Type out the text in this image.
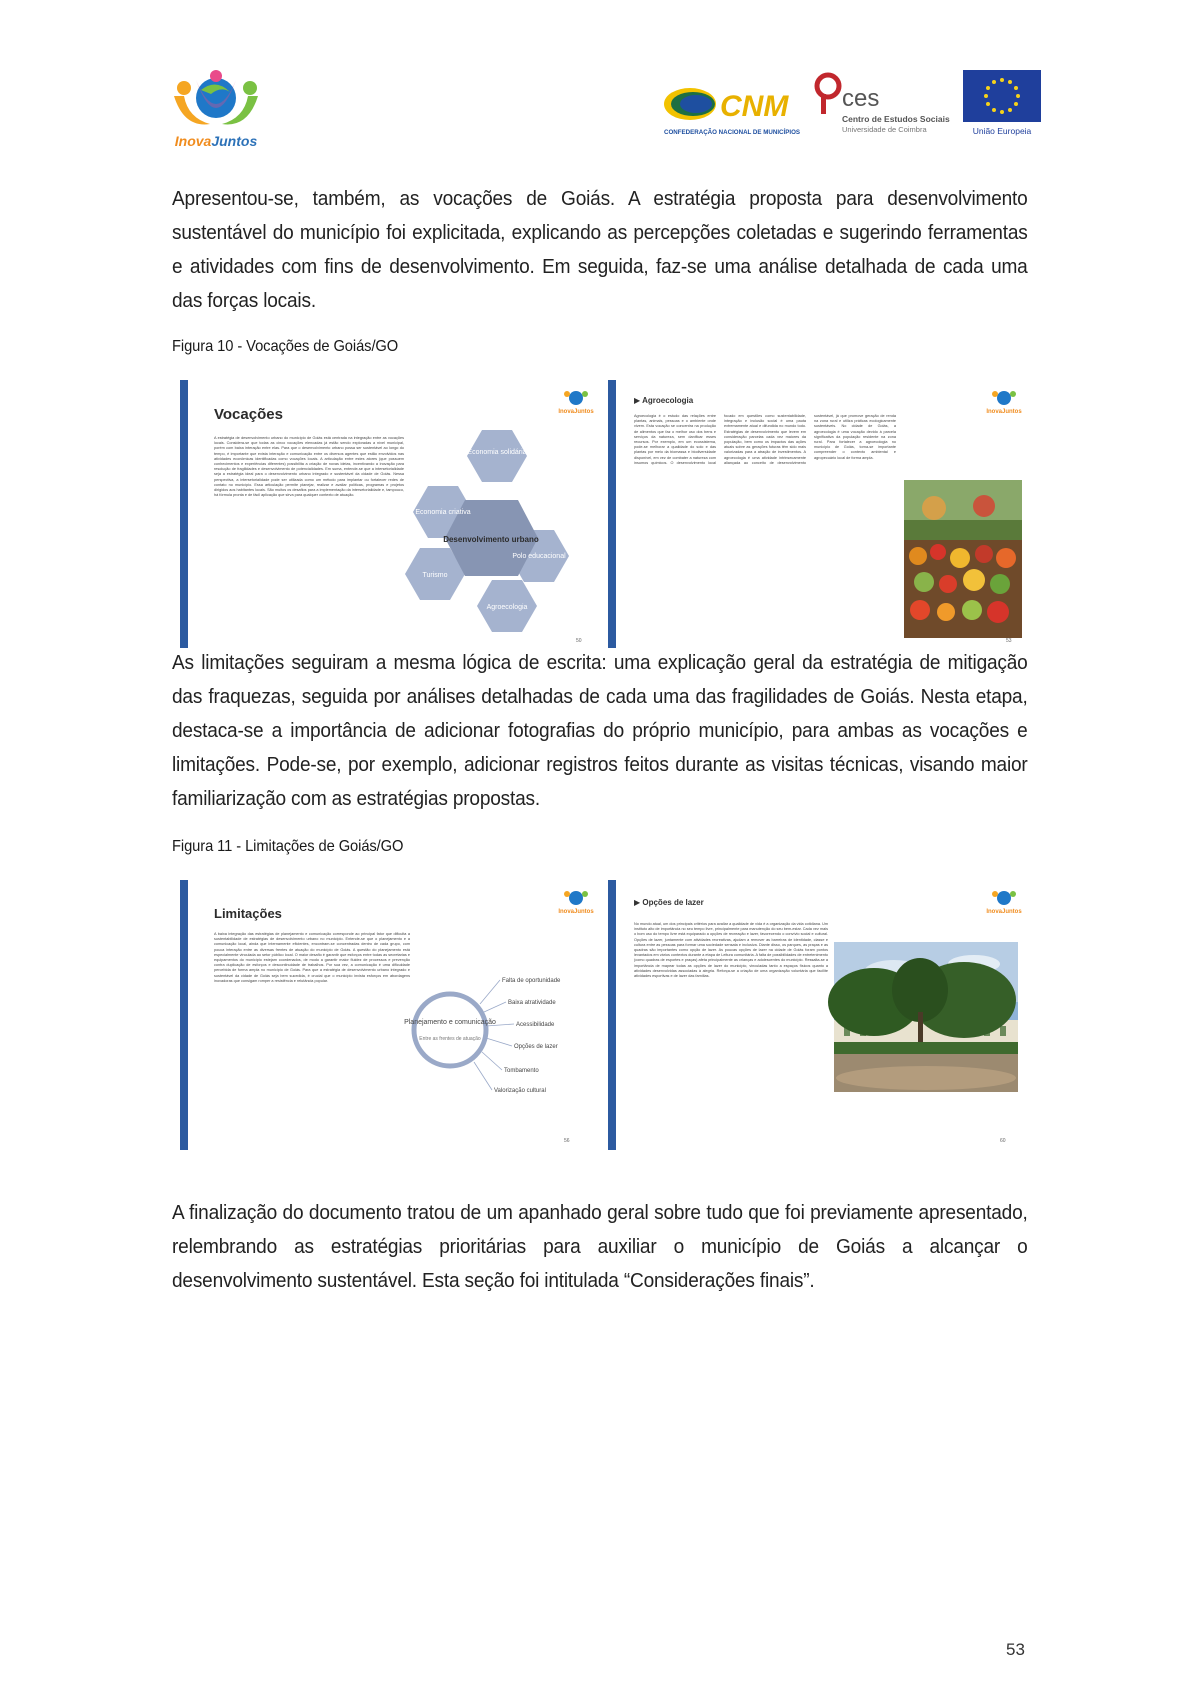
InovaJuntos
CNM
CONFEDERAÇÃO NACIONAL DE MUNICÍPIOS
ces
Centro de Estudos Sociais
Universidade de Coimbra	União Europeia

Apresentou-se, também, as vocações de Goiás. A estratégia proposta para desenvolvimento sustentável do município foi explicitada, explicando as percepções coletadas e sugerindo ferramentas e atividades com fins de desenvolvimento. Em seguida, faz-se uma análise detalhada de cada uma das forças locais.

Figura 10 - Vocações de Goiás/GO
Vocações
A estratégia de desenvolvimento urbano do município de Goiás está centrada na integração entre as vocações locais. Considera-se que todas as cinco vocações elencadas já estão sendo exploradas a nível municipal, porém com baixa interação entre elas. Para que o desenvolvimento urbano possa ser sustentável ao longo do tempo, é importante que exista interação e comunicação entre os diversos agentes que estão envolvidos nas atividades econômicas identificadas como vocações locais. A articulação entre estes atores (que possuem conhecimentos e experiências diferentes) possibilita a criação de novas ideias, incentivando a inovação para resolução de fragilidades e desenvolvimento de potencialidades. Em suma, entende-se que a intersetorialidade seja a estratégia ideal para o desenvolvimento urbano integrado e sustentável da cidade de Goiás. Nessa perspectiva, a intersetorialidade pode ser utilizada como um método para implantar ou fortalecer redes de contato no município. Essa articulação permite planejar, realizar e avaliar políticas, programas e projetos dirigidos aos habitantes locais. São muitos os desafios para a implementação da intersetorialidade e, tampouco, há fórmula pronta e de fácil aplicação que sirva para qualquer contexto de atuação.
Economia solidária
Economia criativa
Desenvolvimento urbano
Polo educacional
Turismo
Agroecologia
InovaJuntos
50
▶ Agroecologia
Agroecologia é o estudo das relações entre plantas, animais, pessoas e o ambiente onde vivem. Esta vocação se concentra na produção de alimentos que faz o melhor uso dos bens e serviços da natureza, sem danificar esses recursos. Por exemplo, em um ecossistema, pode-se melhorar a qualidade do solo e das plantas por meio da biomassa e biodiversidade disponível, em vez de combater a natureza com insumos químicos. O desenvolvimento local focado em questões como sustentabilidade, integração e inclusão social é uma pauta extremamente atual e difundida no mundo todo. Estratégias de desenvolvimento que levem em consideração parcelas cada vez maiores da população, bem como os impactos das ações atuais sobre as gerações futuras têm sido mais valorizadas para a atração de investimentos. A agroecologia é uma atividade intrinsecamente aliançada ao conceito de desenvolvimento sustentável, já que promove geração de renda na zona rural e utiliza práticas ecologicamente sustentáveis. No cidade de Goiás, a agroecologia é uma vocação devido à parcela significativa da população residente na zona rural. Para fortalecer a agroecologia no município de Goiás, torna-se importante compreender o contexto ambiental e agropecuário local de forma ampla.
InovaJuntos
53

As limitações seguiram a mesma lógica de escrita: uma explicação geral da estratégia de mitigação das fraquezas, seguida por análises detalhadas de cada uma das fragilidades de Goiás. Nesta etapa, destaca-se a importância de adicionar fotografias do próprio município, para ambas as vocações e limitações. Pode-se, por exemplo, adicionar registros feitos durante as visitas técnicas, visando maior familiarização com as estratégias propostas.

Figura 11 - Limitações de Goiás/GO
Limitações
A baixa integração das estratégias de planejamento e comunicação corresponde ao principal fator que dificulta a sustentabilidade de estratégias de desenvolvimento urbano no município. Entende-se que o planejamento e a comunicação local, ainda que internamente eficientes, encontram-se concentradas dentro de cada grupo, com pouca interação entre as diversas frentes de atuação do município de Goiás. A questão do planejamento está especialmente vinculada ao setor público local. O maior desafio é garantir que esforços entre todas as secretarias e equipamentos do município estejam coordenados, de modo a garantir maior fluidez de processos e prevenção contra duplicação de esforços e descontinuidade de trabalhos. Por sua vez, a comunicação é uma dificuldade percebida de forma ampla no município de Goiás. Para que a estratégia de desenvolvimento urbano integrado e sustentável da cidade de Goiás seja bem sucedida, é crucial que o município invista esforços em abordagens inovadoras que consigam romper a resistência e relutância popular.
Planejamento e comunicação
Entre as frentes de atuação
Falta de oportunidade
Baixa atratividade
Acessibilidade
Opções de lazer
Tombamento
Valorização cultural
InovaJuntos
56
▶ Opções de lazer
No mundo atual, um dos principais critérios para avaliar a qualidade de vida é a organização da vida cotidiana. Um instituto alto de importância no seu tempo livre, principalmente para manutenção do seu bem-estar. Cada vez mais o bom uso do tempo livre está equiparado a opções de recreação e lazer, favorecendo o convívio social e cultural. Opções de lazer, juntamente com atividades recreativas, ajudam a remover as barreiras de identidade, classe e cultura entre as pessoas para formar uma sociedade sensata e inclusiva. Diante disso, os parques, as praças e as quadras são importantes como opção de lazer. As poucas opções de lazer na cidade de Goiás foram pontos levantados em vários contextos durante a etapa de Leitura comunitária. A falta de possibilidades de entretenimento (como quadras de esportes e praças) afeta principalmente as crianças e adolescentes do município. Ressalta-se a importância de mapear todas as opções de lazer do município, vinculadas tanto a espaços físicos quanto a atividades desenvolvidas associadas à alegria. Reforça-se a criação de uma organização voluntária que facilite atividades esportivas e de lazer das famílias.
InovaJuntos
60

A finalização do documento tratou de um apanhado geral sobre tudo que foi previamente apresentado, relembrando as estratégias prioritárias para auxiliar o município de Goiás a alcançar o desenvolvimento sustentável. Esta seção foi intitulada “Considerações finais”.

53
